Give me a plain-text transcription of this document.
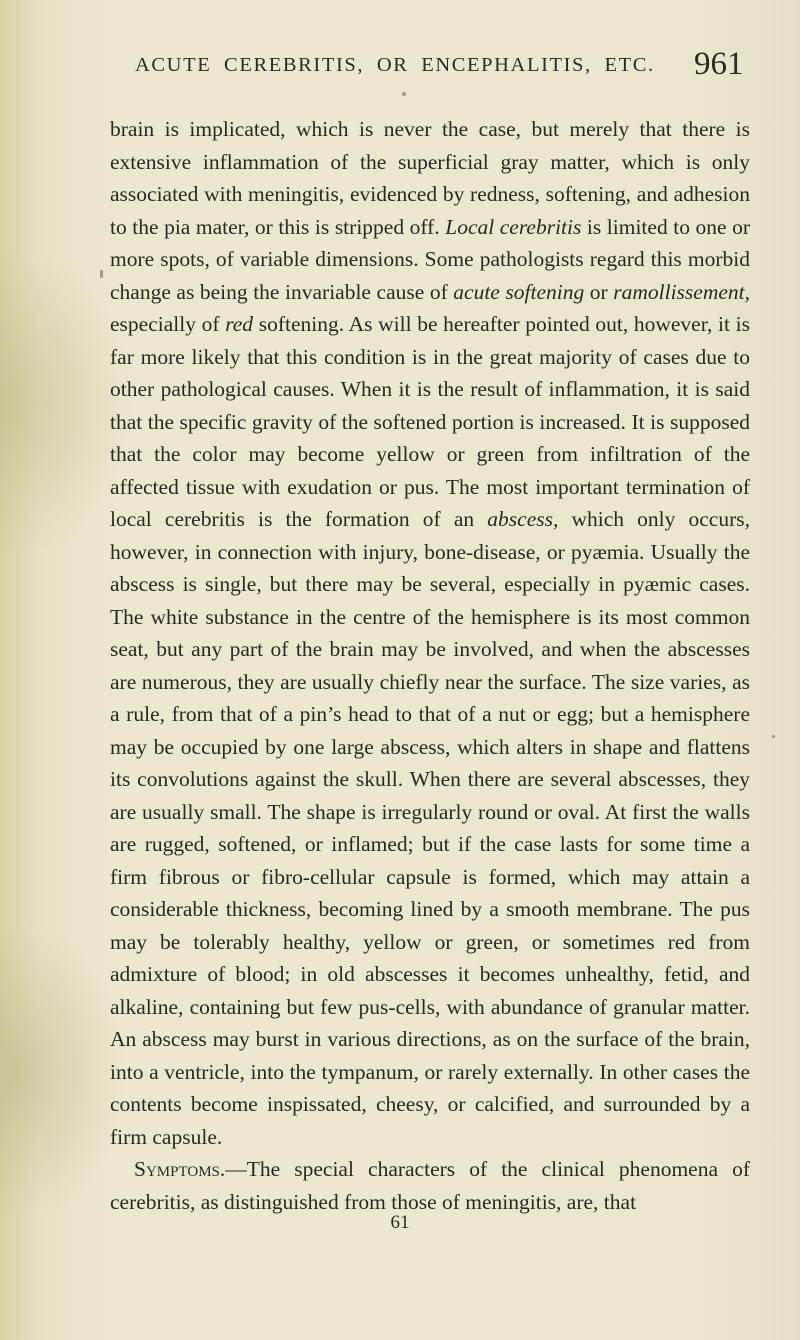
ACUTE CEREBRITIS, OR ENCEPHALITIS, ETC. 961

brain is implicated, which is never the case, but merely that there is extensive inflammation of the superficial gray matter, which is only associated with meningitis, evidenced by redness, softening, and adhesion to the pia mater, or this is stripped off. Local cerebritis is limited to one or more spots, of variable dimensions. Some pathologists regard this morbid change as being the invariable cause of acute softening or ramollissement, especially of red softening. As will be hereafter pointed out, however, it is far more likely that this condition is in the great majority of cases due to other pathological causes. When it is the result of inflammation, it is said that the specific gravity of the softened portion is increased. It is supposed that the color may become yellow or green from infiltration of the affected tissue with exudation or pus. The most important termination of local cerebritis is the formation of an abscess, which only occurs, however, in connection with injury, bone-disease, or pyæmia. Usually the abscess is single, but there may be several, especially in pyæmic cases. The white substance in the centre of the hemisphere is its most common seat, but any part of the brain may be involved, and when the abscesses are numerous, they are usually chiefly near the surface. The size varies, as a rule, from that of a pin’s head to that of a nut or egg; but a hemisphere may be occupied by one large abscess, which alters in shape and flattens its convolutions against the skull. When there are several abscesses, they are usually small. The shape is irregularly round or oval. At first the walls are rugged, softened, or inflamed; but if the case lasts for some time a firm fibrous or fibro-cellular capsule is formed, which may attain a considerable thickness, becoming lined by a smooth membrane. The pus may be tolerably healthy, yellow or green, or sometimes red from admixture of blood; in old abscesses it becomes unhealthy, fetid, and alkaline, containing but few pus-cells, with abundance of granular matter. An abscess may burst in various directions, as on the surface of the brain, into a ventricle, into the tympanum, or rarely externally. In other cases the contents become inspissated, cheesy, or calcified, and surrounded by a firm capsule.

Symptoms.—The special characters of the clinical phenomena of cerebritis, as distinguished from those of meningitis, are, that

61
